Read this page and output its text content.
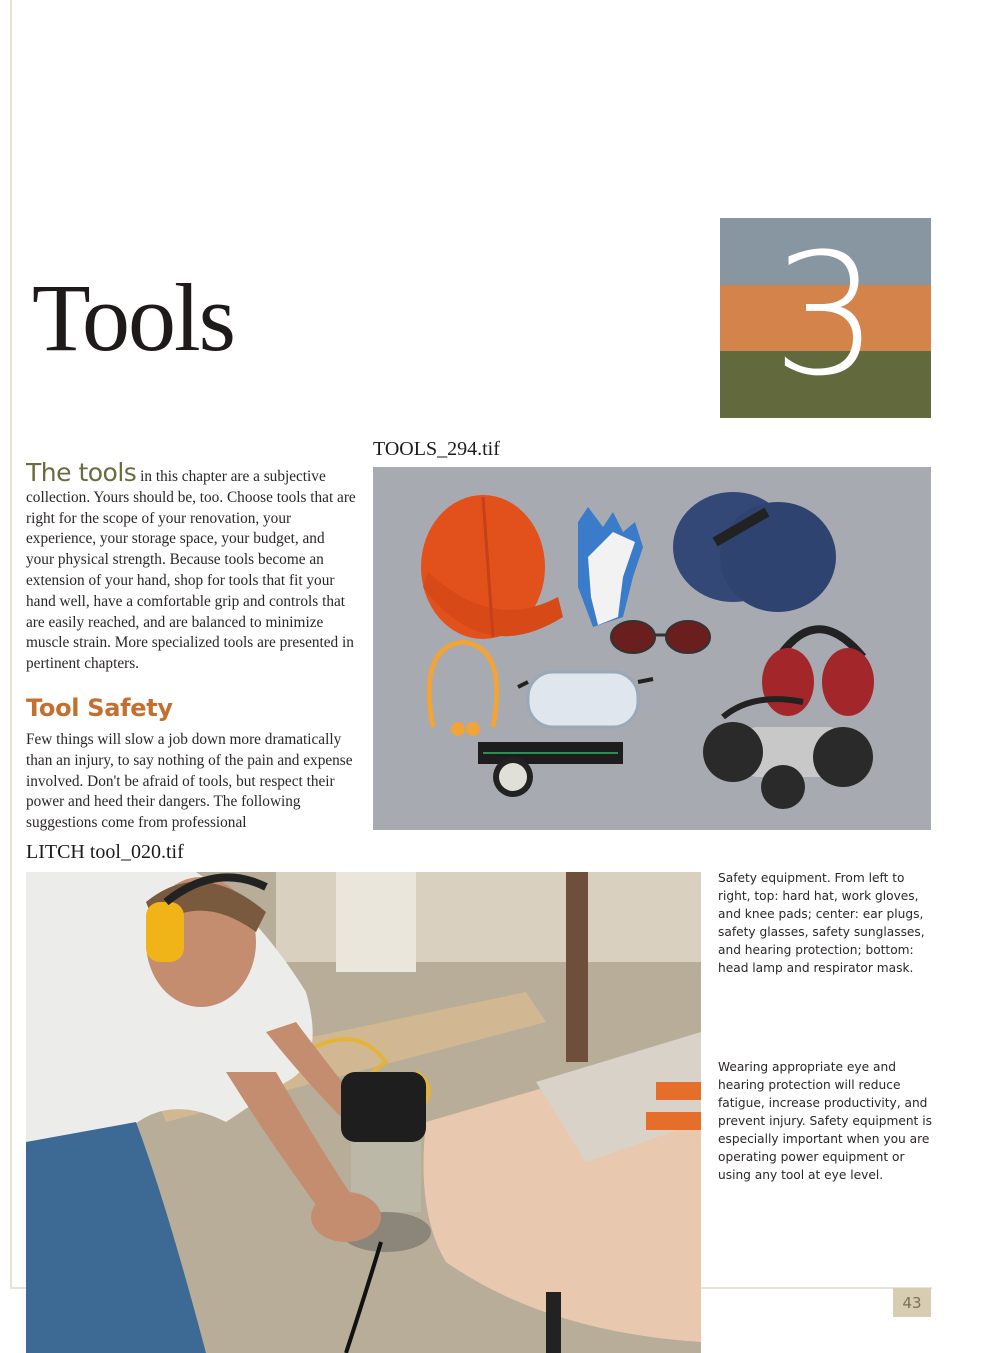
Tools	3
TOOLS_294.tif

The tools in this chapter are a subjective collection. Yours should be, too. Choose tools that are right for the scope of your renovation, your experience, your storage space, your budget, and your physical strength. Because tools become an extension of your hand, shop for tools that fit your hand well, have a comfortable grip and controls that are easily reached, and are balanced to minimize muscle strain. More specialized tools are presented in pertinent chapters.

Tool Safety

Few things will slow a job down more dramatically than an injury, to say nothing of the pain and expense involved. Don't be afraid of tools, but respect their power and heed their dangers. The following suggestions come from professional

LITCH tool_020.tif

Safety equipment. From left to right, top: hard hat, work gloves, and knee pads; center: ear plugs, safety glasses, safety sunglasses, and hearing protection; bottom: head lamp and respirator mask.

Wearing appropriate eye and hearing protection will reduce fatigue, increase productivity, and prevent injury. Safety equipment is especially important when you are operating power equipment or using any tool at eye level.

43
